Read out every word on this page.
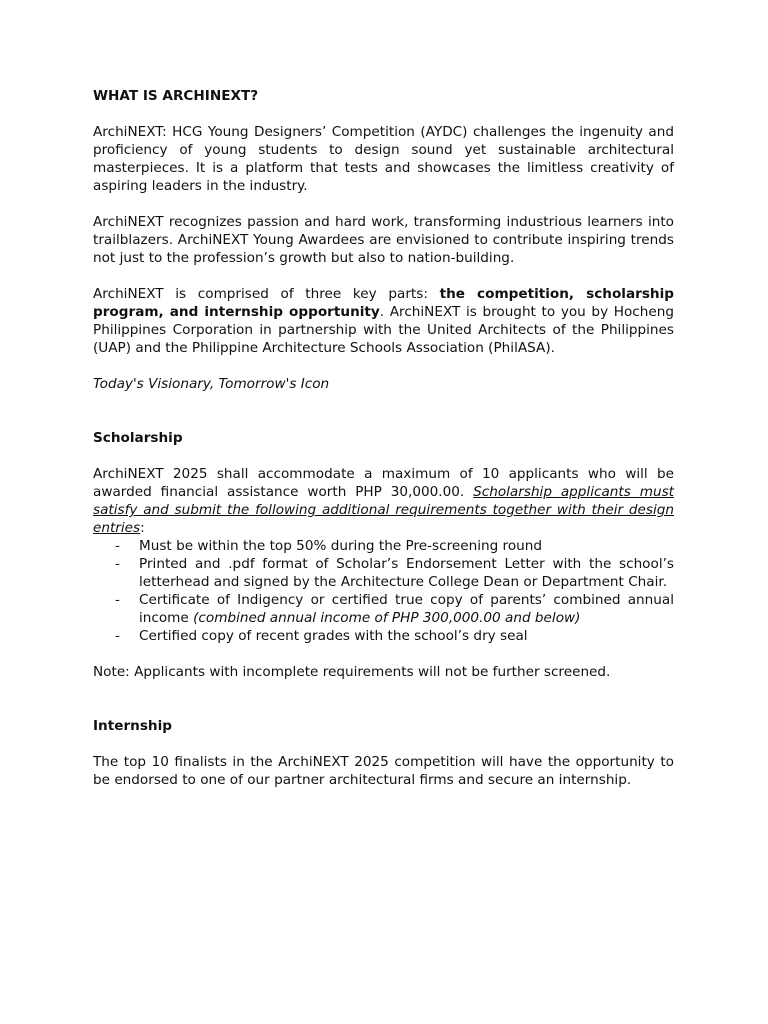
WHAT IS ARCHINEXT?

ArchiNEXT: HCG Young Designers’ Competition (AYDC) challenges the ingenuity and proficiency of young students to design sound yet sustainable architectural masterpieces. It is a platform that tests and showcases the limitless creativity of aspiring leaders in the industry.

ArchiNEXT recognizes passion and hard work, transforming industrious learners into trailblazers. ArchiNEXT Young Awardees are envisioned to contribute inspiring trends not just to the profession’s growth but also to nation-building.

ArchiNEXT is comprised of three key parts: the competition, scholarship program, and internship opportunity. ArchiNEXT is brought to you by Hocheng Philippines Corporation in partnership with the United Architects of the Philippines (UAP) and the Philippine Architecture Schools Association (PhilASA).

Today's Visionary, Tomorrow's Icon

Scholarship

ArchiNEXT 2025 shall accommodate a maximum of 10 applicants who will be awarded financial assistance worth PHP 30,000.00. Scholarship applicants must satisfy and submit the following additional requirements together with their design entries:

- Must be within the top 50% during the Pre-screening round
- Printed and .pdf format of Scholar’s Endorsement Letter with the school’s letterhead and signed by the Architecture College Dean or Department Chair.
- Certificate of Indigency or certified true copy of parents’ combined annual income (combined annual income of PHP 300,000.00 and below)
- Certified copy of recent grades with the school’s dry seal

Note: Applicants with incomplete requirements will not be further screened.

Internship

The top 10 finalists in the ArchiNEXT 2025 competition will have the opportunity to be endorsed to one of our partner architectural firms and secure an internship.
